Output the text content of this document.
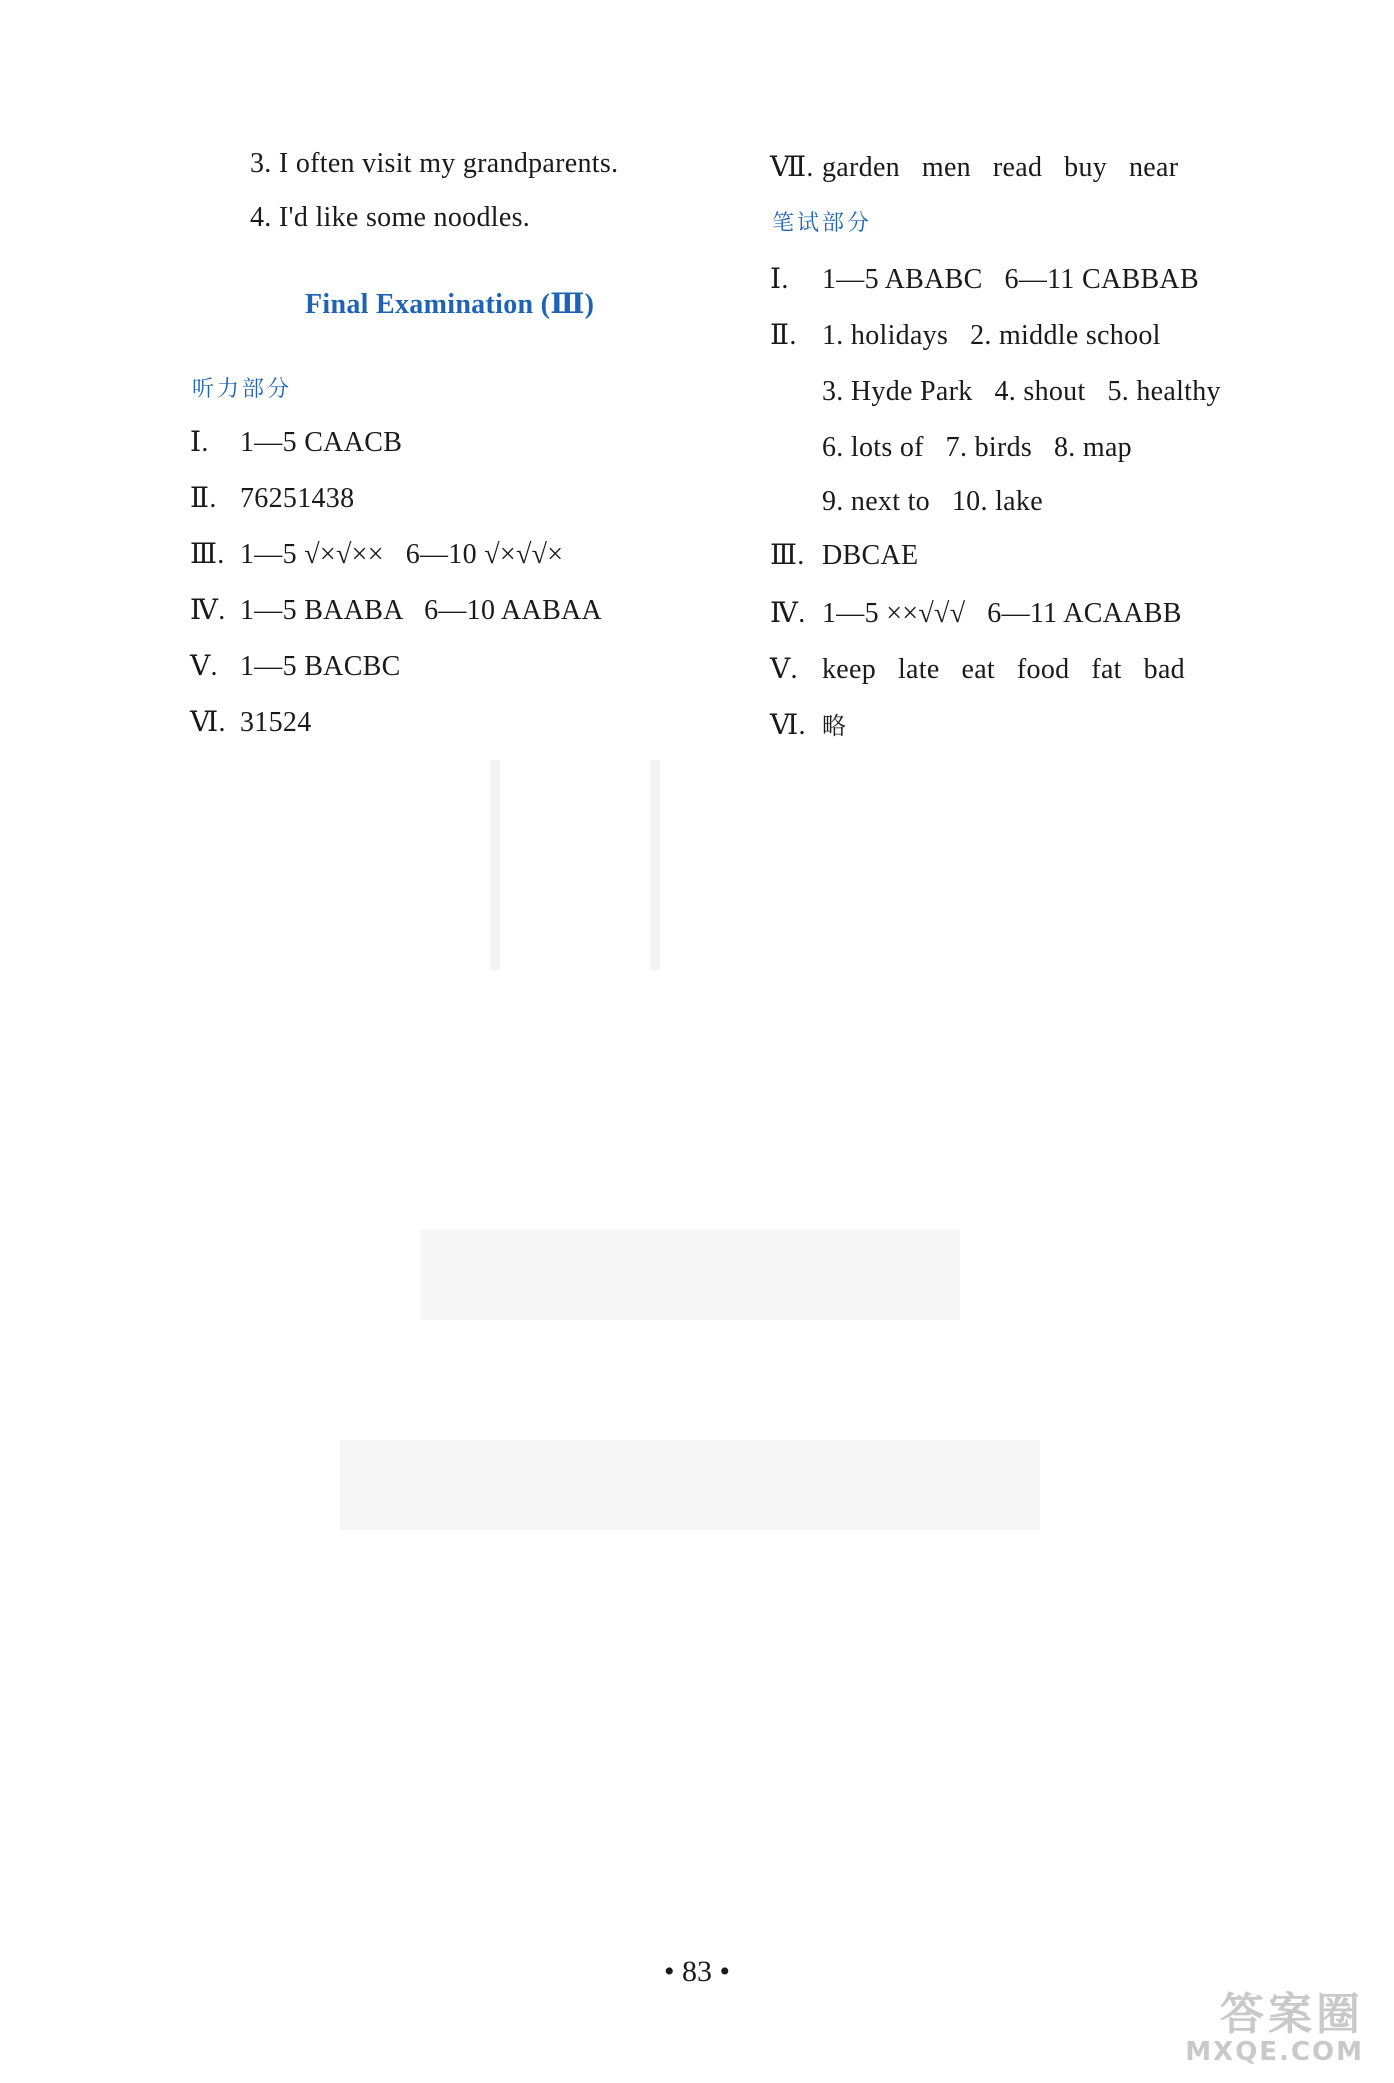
3. I often visit my grandparents.
4. I'd like some noodles.
Final Examination (Ⅲ)
听力部分
Ⅰ. 1—5 CAACB
Ⅱ. 76251438
Ⅲ. 1—5 √×√××   6—10 √×√√×
Ⅳ. 1—5 BAABA   6—10 AABAA
Ⅴ. 1—5 BACBC
Ⅵ. 31524
Ⅶ. garden   men   read   buy   near
笔试部分
Ⅰ. 1—5 ABABC   6—11 CABBAB
Ⅱ. 1. holidays   2. middle school
3. Hyde Park   4. shout   5. healthy
6. lots of   7. birds   8. map
9. next to   10. lake
Ⅲ. DBCAE
Ⅳ. 1—5 ××√√√   6—11 ACAABB
Ⅴ. keep   late   eat   food   fat   bad
Ⅵ. 略
• 83 •
答案圈
MXQE.COM
